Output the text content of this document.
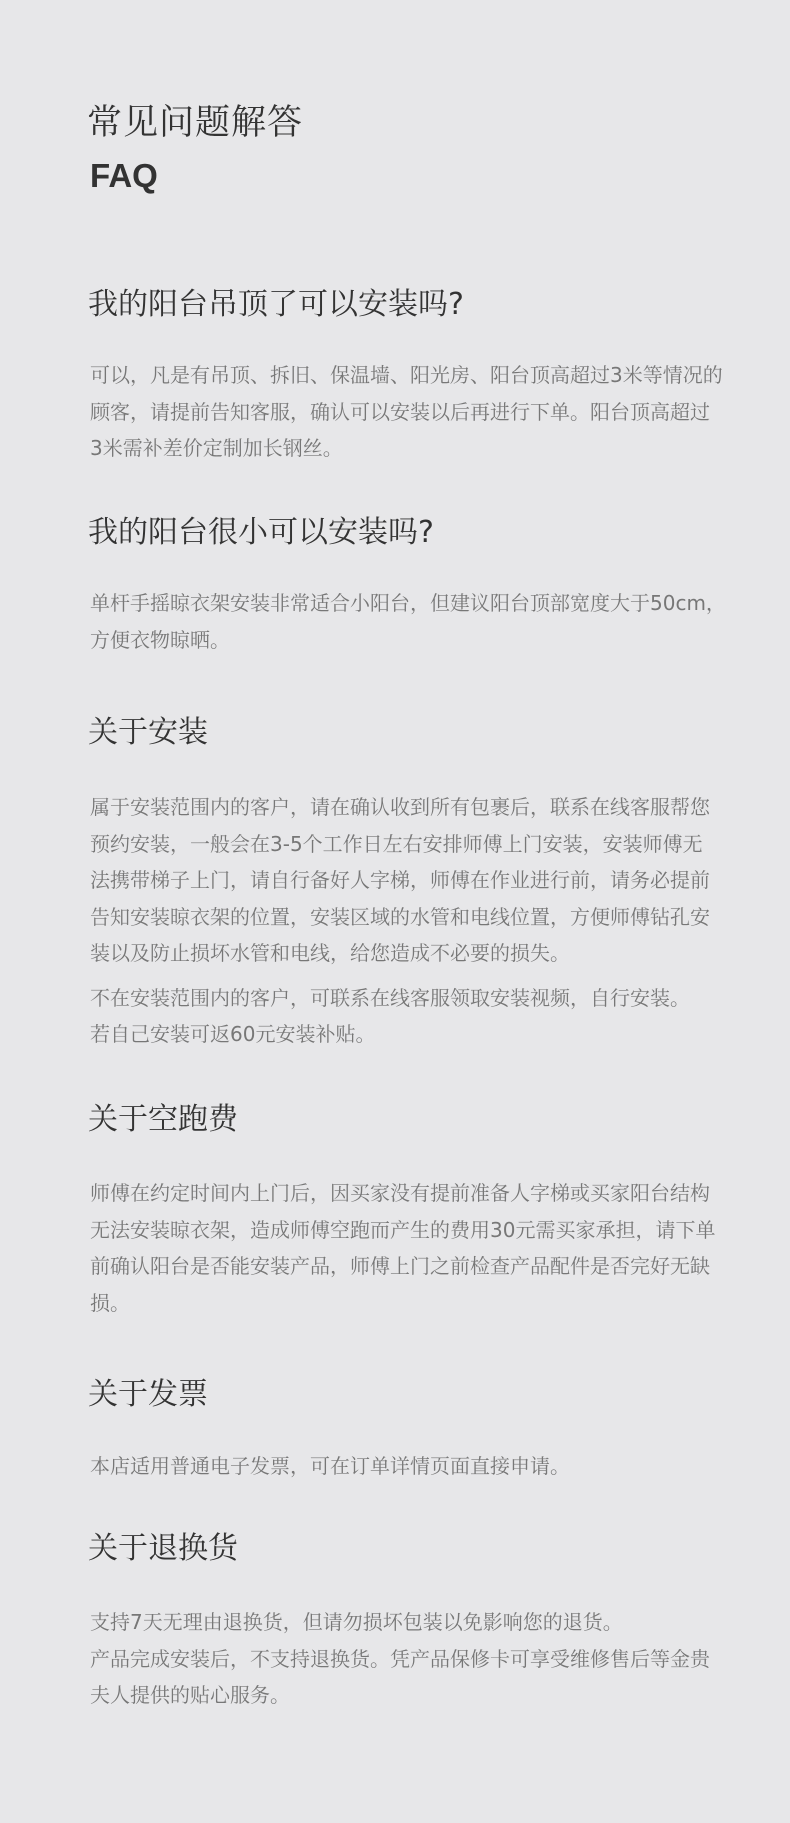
常见问题解答
FAQ
我的阳台吊顶了可以安装吗?

可以，凡是有吊顶、拆旧、保温墙、阳光房、阳台顶高超过3米等情况的
顾客，请提前告知客服，确认可以安装以后再进行下单。阳台顶高超过
3米需补差价定制加长钢丝。

我的阳台很小可以安装吗?

单杆手摇晾衣架安装非常适合小阳台，但建议阳台顶部宽度大于50cm，
方便衣物晾晒。

关于安装

属于安装范围内的客户，请在确认收到所有包裹后，联系在线客服帮您
预约安装，一般会在3-5个工作日左右安排师傅上门安装，安装师傅无
法携带梯子上门，请自行备好人字梯，师傅在作业进行前，请务必提前
告知安装晾衣架的位置，安装区域的水管和电线位置，方便师傅钻孔安
装以及防止损坏水管和电线，给您造成不必要的损失。

不在安装范围内的客户，可联系在线客服领取安装视频，自行安装。
若自己安装可返60元安装补贴。

关于空跑费

师傅在约定时间内上门后，因买家没有提前准备人字梯或买家阳台结构
无法安装晾衣架，造成师傅空跑而产生的费用30元需买家承担，请下单
前确认阳台是否能安装产品，师傅上门之前检查产品配件是否完好无缺
损。

关于发票

本店适用普通电子发票，可在订单详情页面直接申请。

关于退换货

支持7天无理由退换货，但请勿损坏包装以免影响您的退货。
产品完成安装后，不支持退换货。凭产品保修卡可享受维修售后等金贵
夫人提供的贴心服务。
